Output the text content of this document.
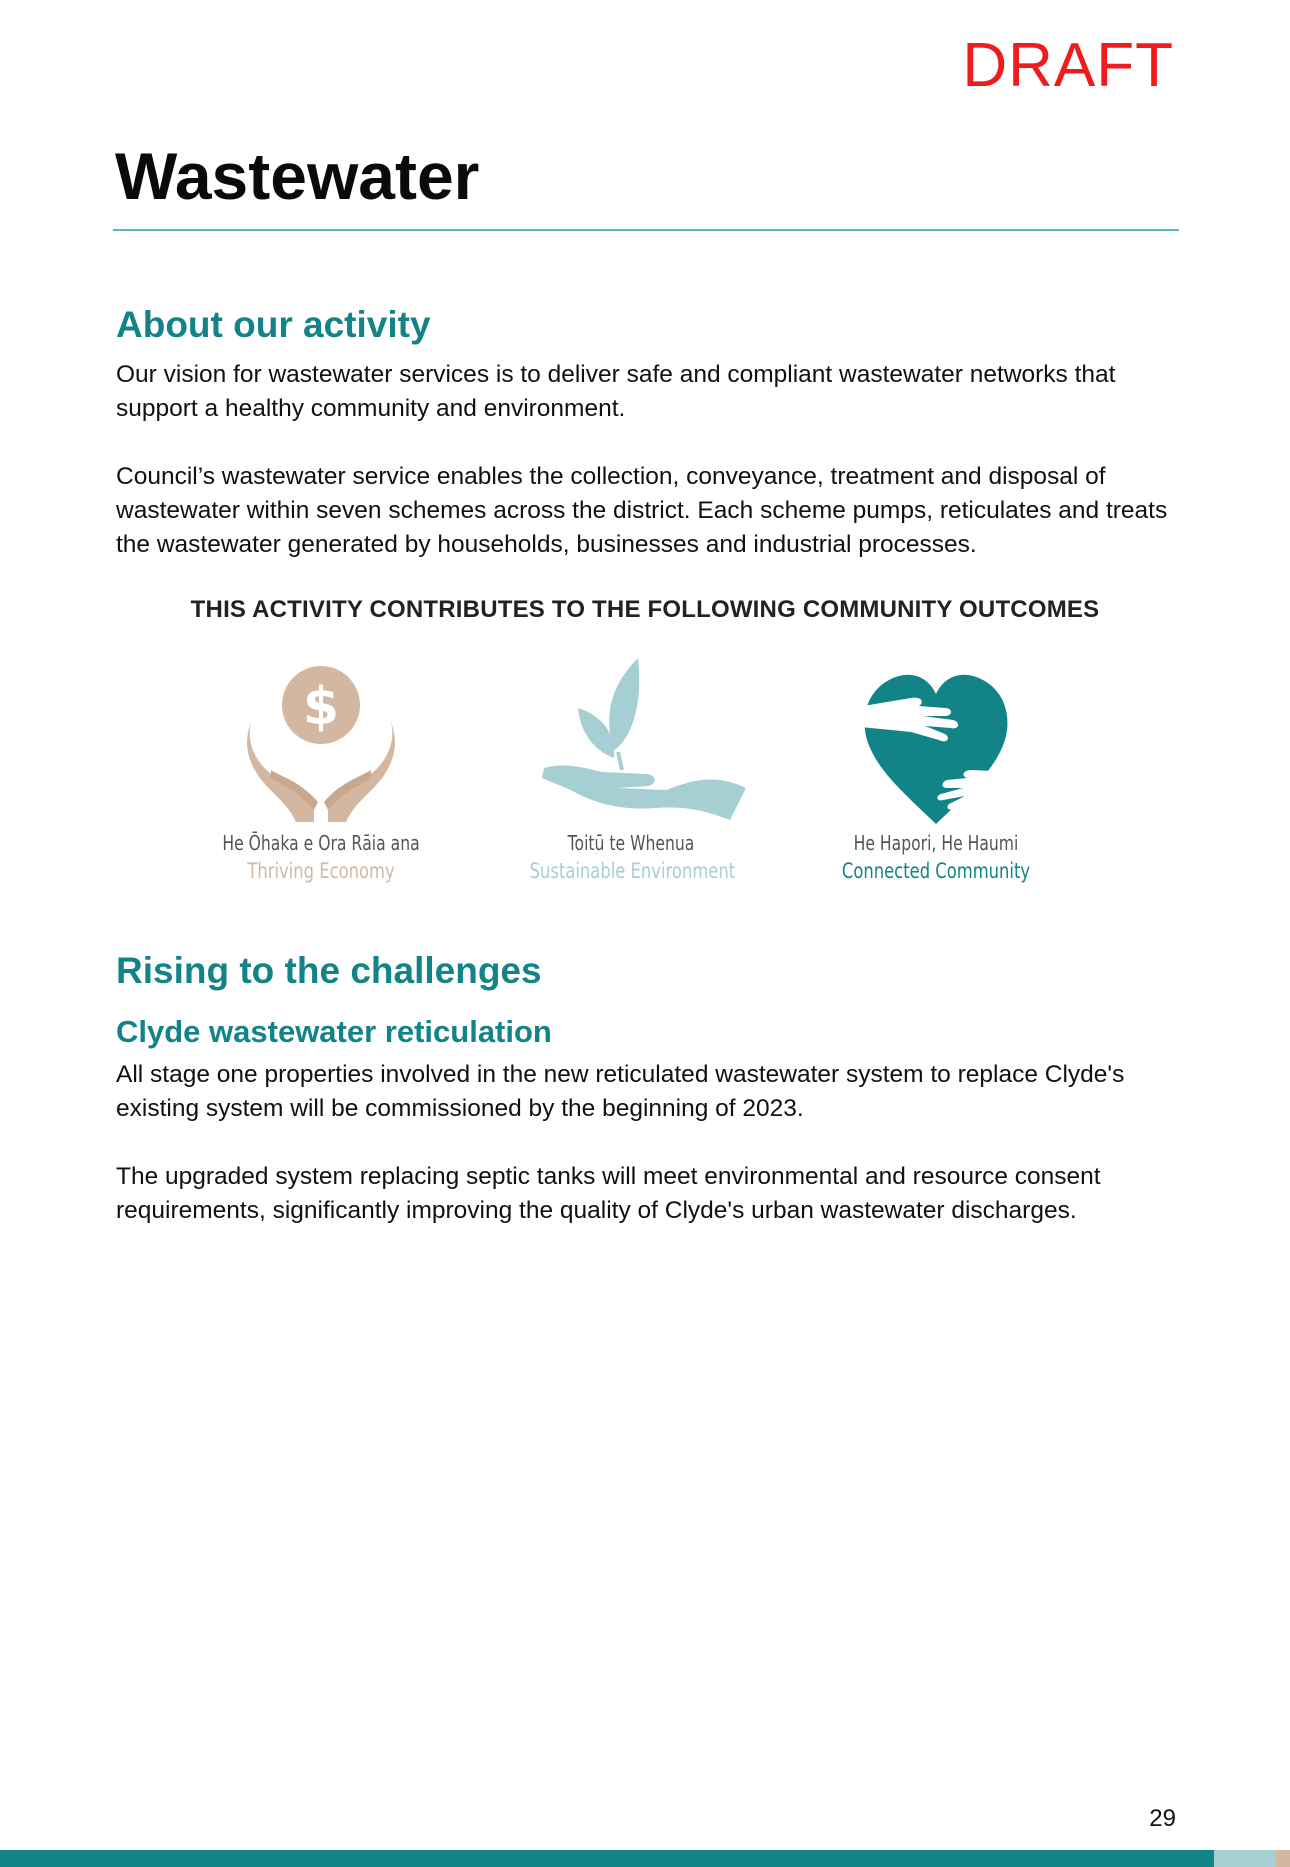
DRAFT
Wastewater
About our activity

Our vision for wastewater services is to deliver safe and compliant wastewater networks that support a healthy community and environment.

Council’s wastewater service enables the collection, conveyance, treatment and disposal of wastewater within seven schemes across the district. Each scheme pumps, reticulates and treats the wastewater generated by households, businesses and industrial processes.

THIS ACTIVITY CONTRIBUTES TO THE FOLLOWING COMMUNITY OUTCOMES
$
He Ōhaka e Ora Rāia ana
Thriving Economy
Toitū te Whenua
Sustainable Environment
He Hapori, He Haumi
Connected Community
Rising to the challenges
Clyde wastewater reticulation

All stage one properties involved in the new reticulated wastewater system to replace Clyde's existing system will be commissioned by the beginning of 2023.

The upgraded system replacing septic tanks will meet environmental and resource consent requirements, significantly improving the quality of Clyde's urban wastewater discharges.

29
